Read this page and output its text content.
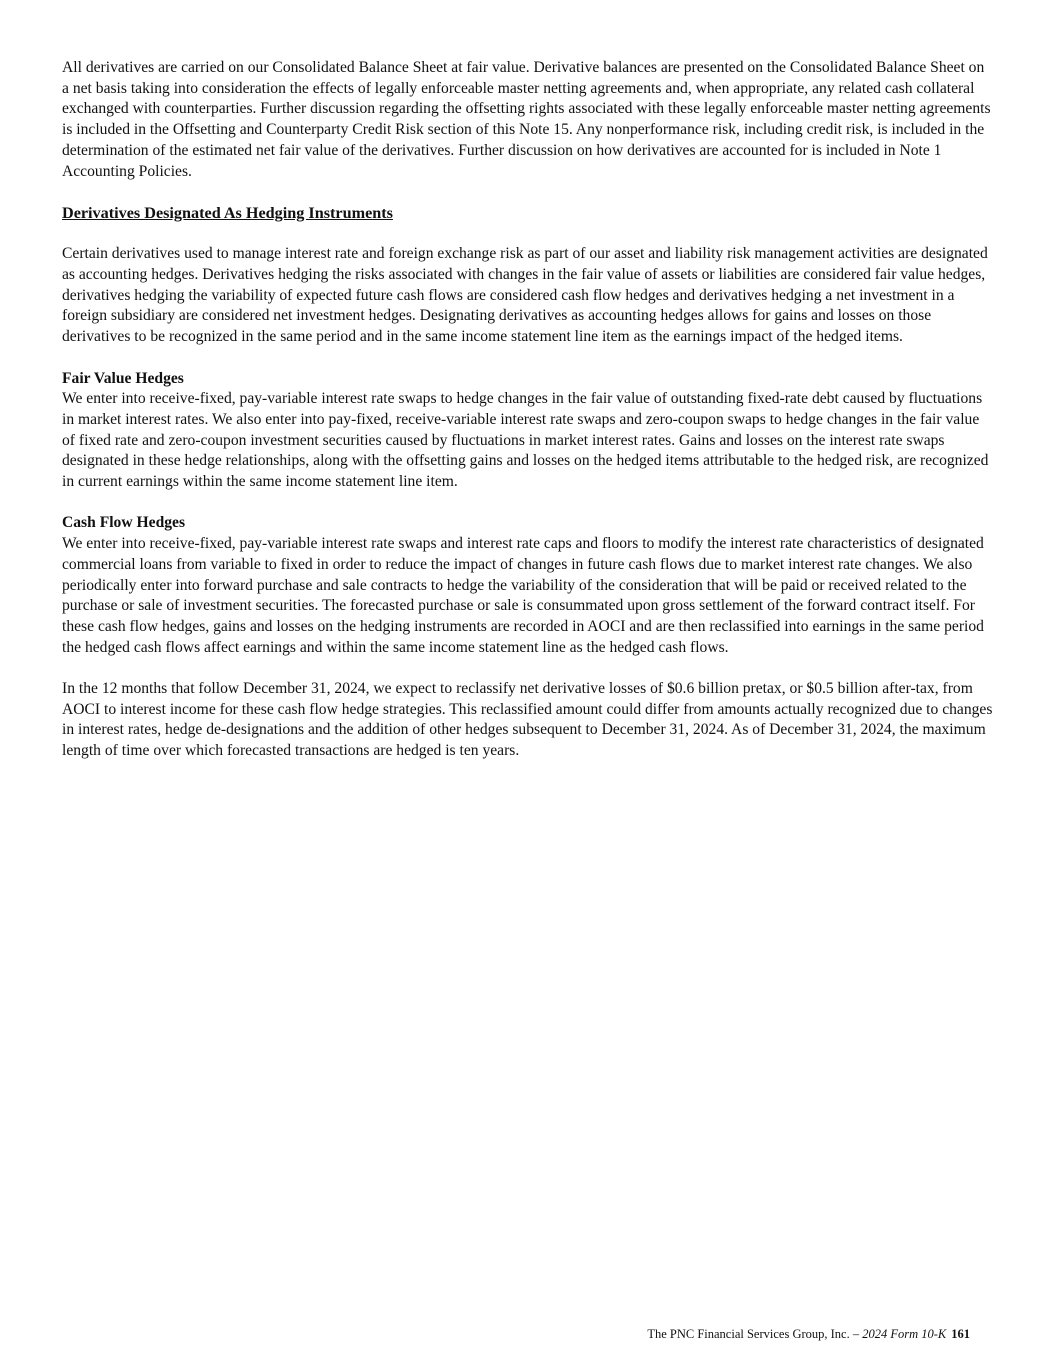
All derivatives are carried on our Consolidated Balance Sheet at fair value. Derivative balances are presented on the Consolidated Balance Sheet on a net basis taking into consideration the effects of legally enforceable master netting agreements and, when appropriate, any related cash collateral exchanged with counterparties. Further discussion regarding the offsetting rights associated with these legally enforceable master netting agreements is included in the Offsetting and Counterparty Credit Risk section of this Note 15. Any nonperformance risk, including credit risk, is included in the determination of the estimated net fair value of the derivatives. Further discussion on how derivatives are accounted for is included in Note 1 Accounting Policies.

Derivatives Designated As Hedging Instruments

Certain derivatives used to manage interest rate and foreign exchange risk as part of our asset and liability risk management activities are designated as accounting hedges. Derivatives hedging the risks associated with changes in the fair value of assets or liabilities are considered fair value hedges, derivatives hedging the variability of expected future cash flows are considered cash flow hedges and derivatives hedging a net investment in a foreign subsidiary are considered net investment hedges. Designating derivatives as accounting hedges allows for gains and losses on those derivatives to be recognized in the same period and in the same income statement line item as the earnings impact of the hedged items.

Fair Value Hedges

We enter into receive-fixed, pay-variable interest rate swaps to hedge changes in the fair value of outstanding fixed-rate debt caused by fluctuations in market interest rates. We also enter into pay-fixed, receive-variable interest rate swaps and zero-coupon swaps to hedge changes in the fair value of fixed rate and zero-coupon investment securities caused by fluctuations in market interest rates. Gains and losses on the interest rate swaps designated in these hedge relationships, along with the offsetting gains and losses on the hedged items attributable to the hedged risk, are recognized in current earnings within the same income statement line item.

Cash Flow Hedges

We enter into receive-fixed, pay-variable interest rate swaps and interest rate caps and floors to modify the interest rate characteristics of designated commercial loans from variable to fixed in order to reduce the impact of changes in future cash flows due to market interest rate changes. We also periodically enter into forward purchase and sale contracts to hedge the variability of the consideration that will be paid or received related to the purchase or sale of investment securities. The forecasted purchase or sale is consummated upon gross settlement of the forward contract itself. For these cash flow hedges, gains and losses on the hedging instruments are recorded in AOCI and are then reclassified into earnings in the same period the hedged cash flows affect earnings and within the same income statement line as the hedged cash flows.

In the 12 months that follow December 31, 2024, we expect to reclassify net derivative losses of $0.6 billion pretax, or $0.5 billion after-tax, from AOCI to interest income for these cash flow hedge strategies. This reclassified amount could differ from amounts actually recognized due to changes in interest rates, hedge de-designations and the addition of other hedges subsequent to December 31, 2024. As of December 31, 2024, the maximum length of time over which forecasted transactions are hedged is ten years.

The PNC Financial Services Group, Inc. – 2024 Form 10-K 161
